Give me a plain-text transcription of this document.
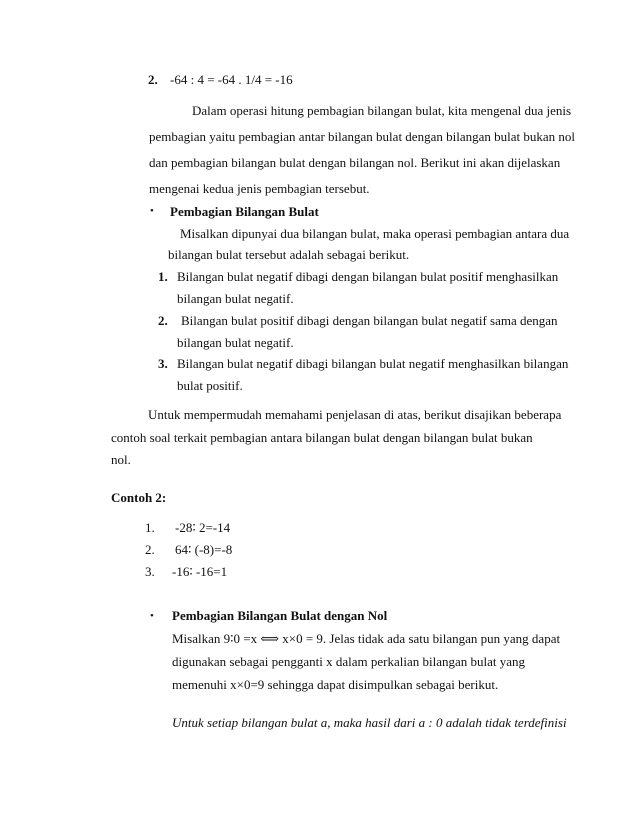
2. -64 : 4 = -64 . 1/4 = -16
Dalam operasi hitung pembagian bilangan bulat, kita mengenal dua jenis
pembagian yaitu pembagian antar bilangan bulat dengan bilangan bulat bukan nol
dan pembagian bilangan bulat dengan bilangan nol. Berikut ini akan dijelaskan
mengenai kedua jenis pembagian tersebut.
• Pembagian Bilangan Bulat
Misalkan dipunyai dua bilangan bulat, maka operasi pembagian antara dua
bilangan bulat tersebut adalah sebagai berikut.
1. Bilangan bulat negatif dibagi dengan bilangan bulat positif menghasilkan
bilangan bulat negatif.
2. Bilangan bulat positif dibagi dengan bilangan bulat negatif sama dengan
bilangan bulat negatif.
3. Bilangan bulat negatif dibagi bilangan bulat negatif menghasilkan bilangan
bulat positif.
Untuk mempermudah memahami penjelasan di atas, berikut disajikan beberapa
contoh soal terkait pembagian antara bilangan bulat dengan bilangan bulat bukan
nol.
Contoh 2:
1. -28∶ 2=-14
2. 64∶ (-8)=-8
3. -16∶ -16=1
• Pembagian Bilangan Bulat dengan Nol
Misalkan 9∶0 =x ⟺ x×0 = 9. Jelas tidak ada satu bilangan pun yang dapat
digunakan sebagai pengganti x dalam perkalian bilangan bulat yang
memenuhi x×0=9 sehingga dapat disimpulkan sebagai berikut.
Untuk setiap bilangan bulat a, maka hasil dari a : 0 adalah tidak terdefinisi
